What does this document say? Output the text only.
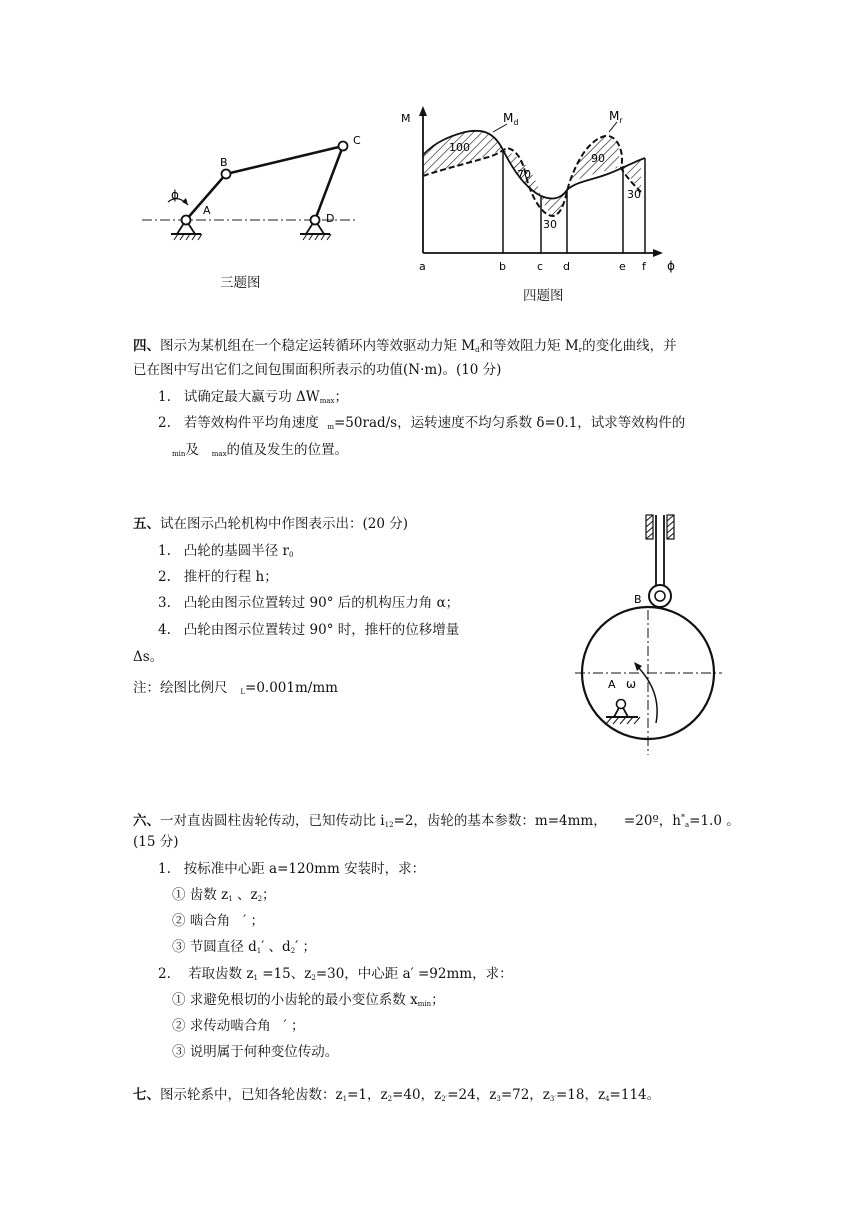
A
B
C
D
ϕ
三题图
M
ϕ
$M_d$	$M_r$
100
70
30
90
30
a	b	c d	e f
四题图
四、图示为某机组在一个稳定运转循环内等效驱动力矩 $M_d$和等效阻力矩 $M_r$的变化曲线，并
已在图中写出它们之间包围面积所表示的功值(N·m)。(10 分)
1. 试确定最大赢亏功 $\Delta W_{max}$；
2. 若等效构件平均角速度 $_m$=50rad/s，运转速度不均匀系数 δ=0.1，试求等效构件的
$_{min}$及 $_{max}$的值及发生的位置。
五、试在图示凸轮机构中作图表示出：(20 分)
1. 凸轮的基圆半径 $r_0$
2. 推杆的行程 h；
3. 凸轮由图示位置转过 90° 后的机构压力角 α；
4. 凸轮由图示位置转过 90° 时，推杆的位移增量
Δs。
注：绘图比例尺 $_L$=0.001m/mm
B
A ω
六、一对直齿圆柱齿轮传动，已知传动比 $i_{12}=2$，齿轮的基本参数：m=4mm， =20º，$h^*_a=1.0$ 。
(15 分)
1. 按标准中心距 a=120mm 安装时，求：
① 齿数 $z_1$ 、$z_2$；
② 啮合角   ′ ；
③ 节圆直径 $d_1'$ 、$d_2'$ ；
2. 若取齿数 $z_1 =15$、$z_2=30$，中心距 a′ =92mm，求：
① 求避免根切的小齿轮的最小变位系数 $x_{min}$；
② 求传动啮合角   ′ ；
③ 说明属于何种变位传动。
七、图示轮系中，已知各轮齿数：$z_1=1$，$z_2=40$，$z_{2'}=24$，$z_3=72$，$z_{3'}=18$，$z_4=114$。
